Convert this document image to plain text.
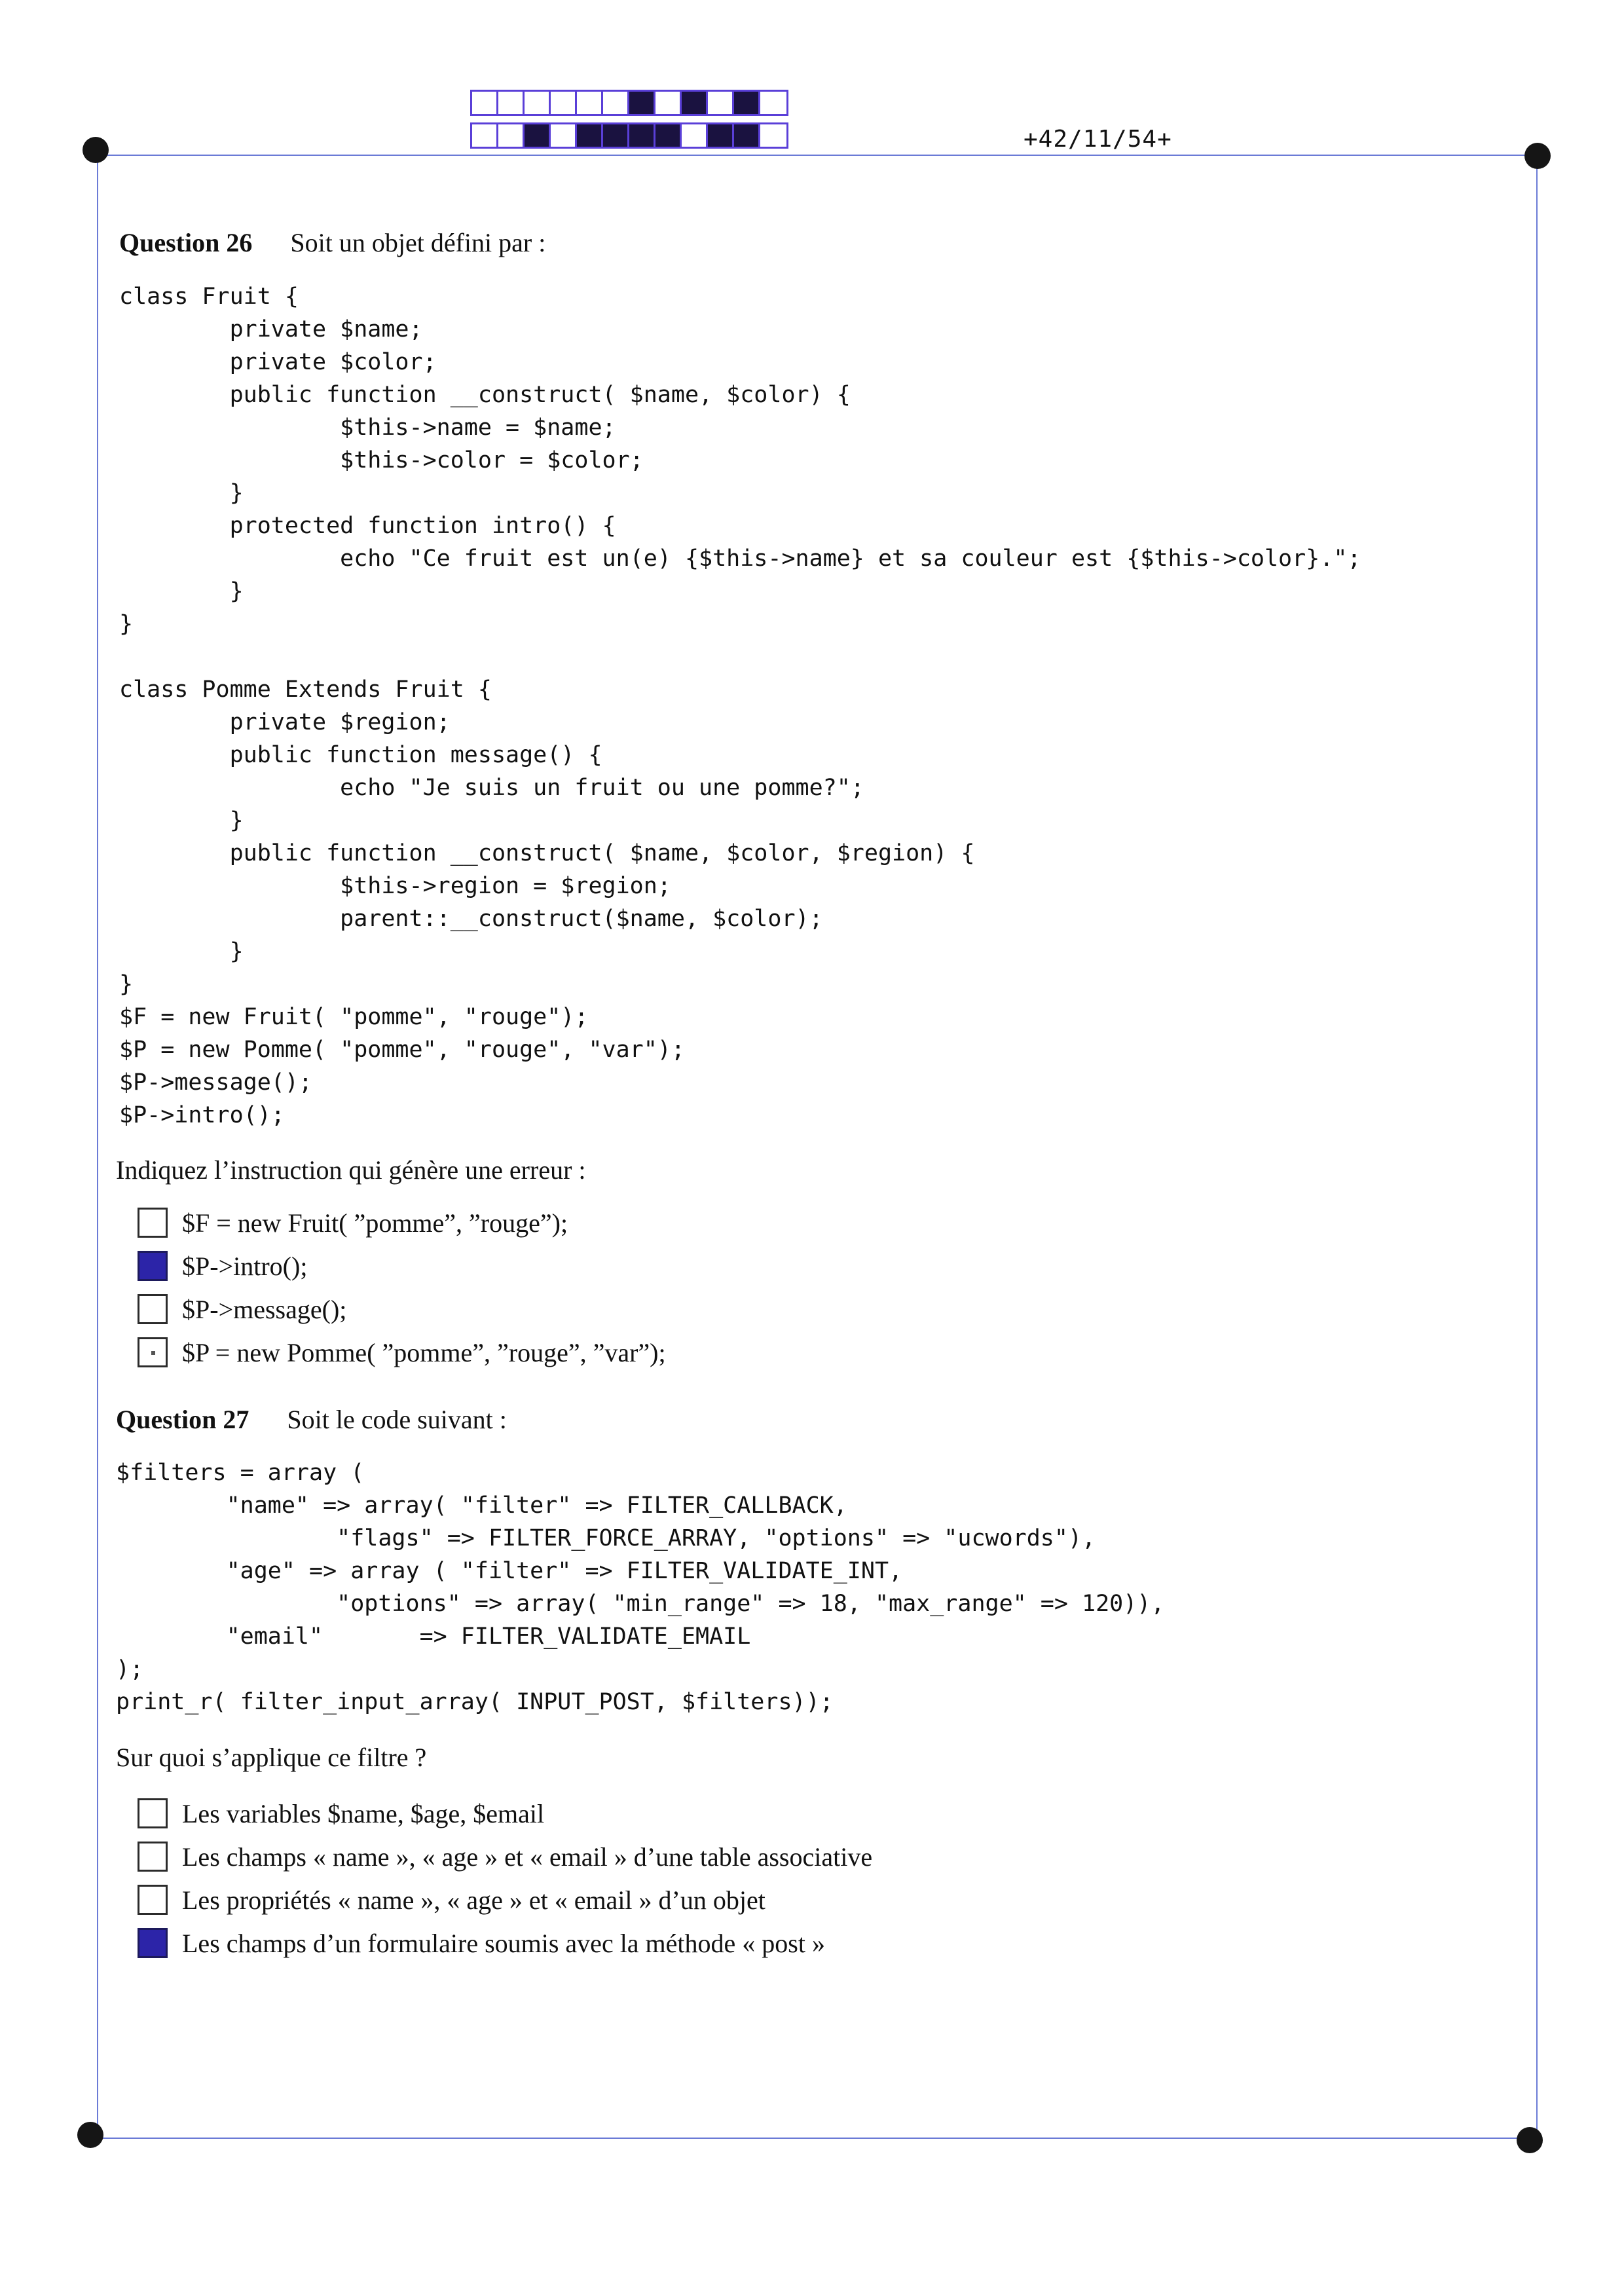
+42/11/54+
Question 26 Soit un objet défini par :
class Fruit {
private $name;
private $color;
public function __construct( $name, $color) {
$this->name = $name;
$this->color = $color;
}
protected function intro() {
echo "Ce fruit est un(e) {$this->name} et sa couleur est {$this->color}.";
}
}

class Pomme Extends Fruit {
private $region;
public function message() {
echo "Je suis un fruit ou une pomme?";
}
public function __construct( $name, $color, $region) {
$this->region = $region;
parent::__construct($name, $color);
}
}
$F = new Fruit( "pomme", "rouge");
$P = new Pomme( "pomme", "rouge", "var");
$P->message();
$P->intro();
Indiquez l’instruction qui génère une erreur :
$F = new Fruit( ”pomme”, ”rouge”);
$P->intro();
$P->message();
$P = new Pomme( ”pomme”, ”rouge”, ”var”);
Question 27 Soit le code suivant :
$filters = array (
"name" => array( "filter" => FILTER_CALLBACK,
"flags" => FILTER_FORCE_ARRAY, "options" => "ucwords"),
"age" => array ( "filter" => FILTER_VALIDATE_INT,
"options" => array( "min_range" => 18, "max_range" => 120)),
"email"       => FILTER_VALIDATE_EMAIL
);
print_r( filter_input_array( INPUT_POST, $filters));
Sur quoi s’applique ce filtre ?
Les variables $name, $age, $email
Les champs « name », « age » et « email » d’une table associative
Les propriétés « name », « age » et « email » d’un objet
Les champs d’un formulaire soumis avec la méthode « post »
